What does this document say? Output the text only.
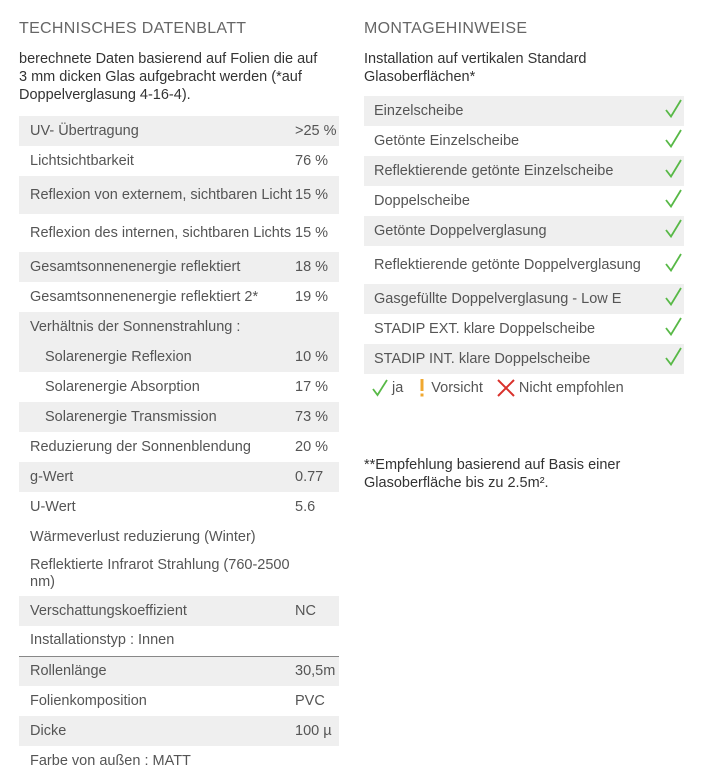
TECHNISCHES DATENBLATT
berechnete Daten basierend auf Folien die auf 3 mm dicken Glas aufgebracht werden (*auf Doppelverglasung 4-16-4).
UV- Übertragung	>25 %
Lichtsichtbarkeit	76 %
Reflexion von externem, sichtbaren Licht	15 %
Reflexion des internen, sichtbaren Lichts	15 %
Gesamtsonnenenergie reflektiert	18 %
Gesamtsonnenenergie reflektiert 2*	19 %
Verhältnis der Sonnenstrahlung :	
Solarenergie Reflexion	10 %
Solarenergie Absorption	17 %
Solarenergie Transmission	73 %
Reduzierung der Sonnenblendung	20 %
g-Wert	0.77
U-Wert	5.6
Wärmeverlust reduzierung (Winter)	
Reflektierte Infrarot Strahlung (760-2500 nm)	
Verschattungskoeffizient	NC
Installationstyp : Innen	
Rollenlänge	30,5m
Folienkomposition	PVC
Dicke	100 µ
Farbe von außen : MATT	
MONTAGEHINWEISE
Installation auf vertikalen Standard Glasoberflächen*
Einzelscheibe	
Getönte Einzelscheibe	
Reflektierende getönte Einzelscheibe	
Doppelscheibe	
Getönte Doppelverglasung	
Reflektierende getönte Doppelverglasung	
Gasgefüllte Doppelverglasung - Low E	
STADIP EXT. klare Doppelscheibe	
STADIP INT. klare Doppelscheibe	
ja Vorsicht Nicht empfohlen
**Empfehlung basierend auf Basis einer Glasoberfläche bis zu 2.5m².
